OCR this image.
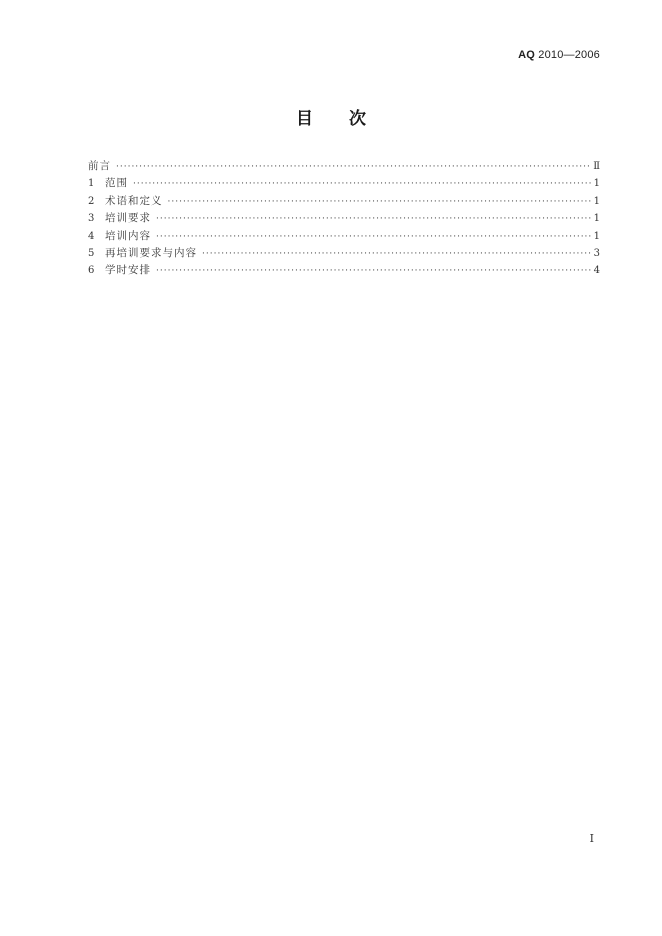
AQ 2010—2006
目次
前言 ·····	Ⅱ
1	范围 ·····	1
2	术语和定义 ·····	1
3	培训要求 ·····	1
4	培训内容 ·····	1
5	再培训要求与内容 ·····	3
6	学时安排 ·····	4
Ⅰ
